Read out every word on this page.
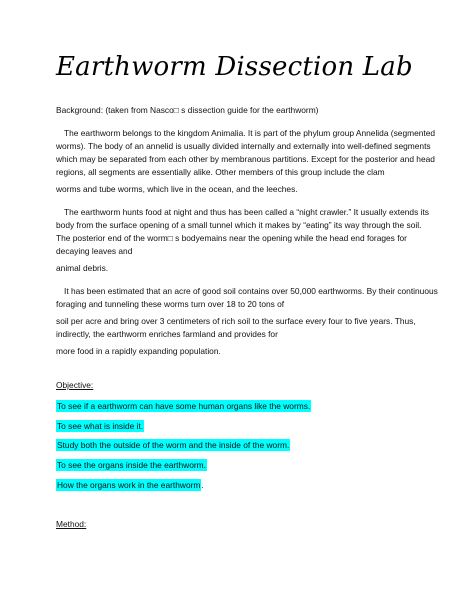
Earthworm Dissection Lab

Background: (taken from Nasco□ s dissection guide for the earthworm)

The earthworm belongs to the kingdom Animalia. It is part of the phylum group Annelida (segmented

worms). The body of an annelid is usually divided internally and externally into well-defined segments

which may be separated from each other by membranous partitions. Except for the posterior and head

regions, all segments are essentially alike. Other members of this group include the clam

worms and tube worms, which live in the ocean, and the leeches.

The earthworm hunts food at night and thus has been called a “night crawler.” It usually extends its

body from the surface opening of a small tunnel which it makes by “eating” its way through the soil.

The posterior end of the worm□ s bodyemains near the opening while the head end forages for

decaying leaves and

animal debris.

It has been estimated that an acre of good soil contains over 50,000 earthworms. By their continuous

foraging and tunneling these worms turn over 18 to 20 tons of

soil per acre and bring over 3 centimeters of rich soil to the surface every four to five years. Thus,

indirectly, the earthworm enriches farmland and provides for

more food in a rapidly expanding population.

Objective:

To see if a earthworm can have some human organs like the worms.

To see what is inside it.

Study both the outside of the worm and the inside of the worm.

To see the organs inside the earthworm.

How the organs work in the earthworm.

Method:
